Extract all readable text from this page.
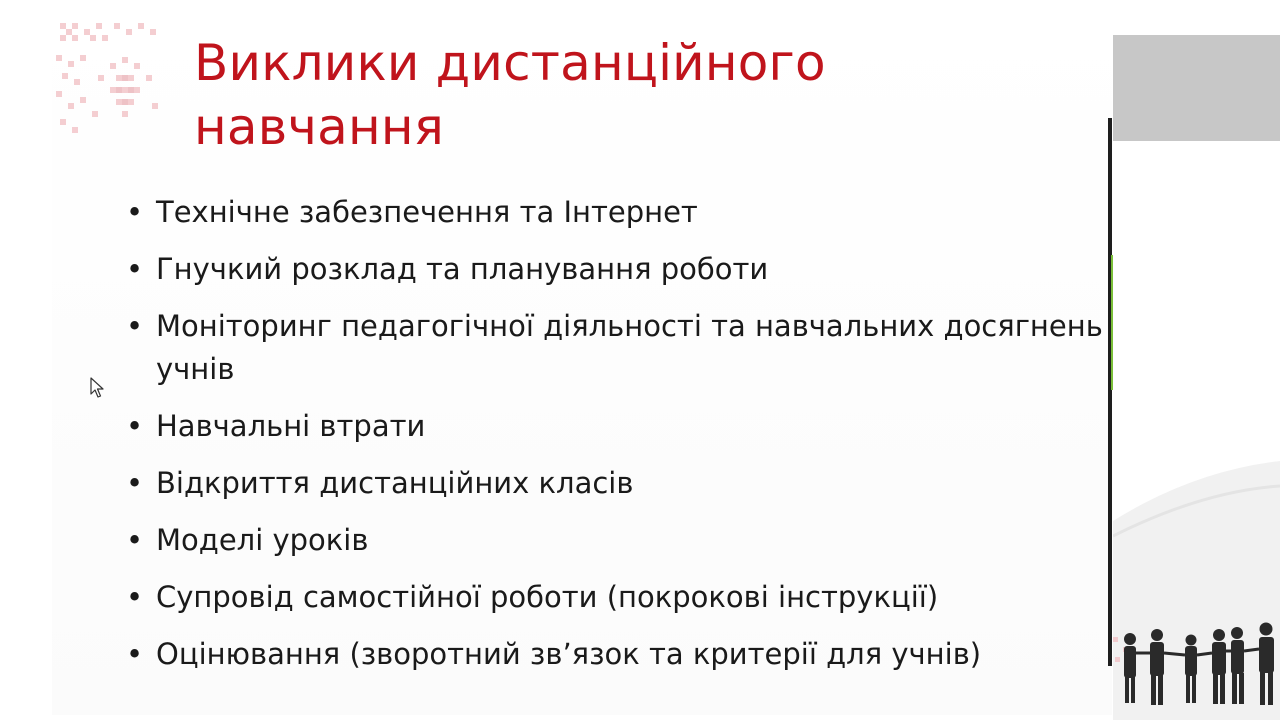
Виклики дистанційного навчання
• Технічне забезпечення та Інтернет
• Гнучкий розклад та планування роботи
• Моніторинг педагогічної діяльності та навчальних досягнень учнів
• Навчальні втрати
• Відкриття дистанційних класів
• Моделі уроків
• Супровід самостійної роботи (покрокові інструкції)
• Оцінювання (зворотний зв’язок та критерії для учнів)
